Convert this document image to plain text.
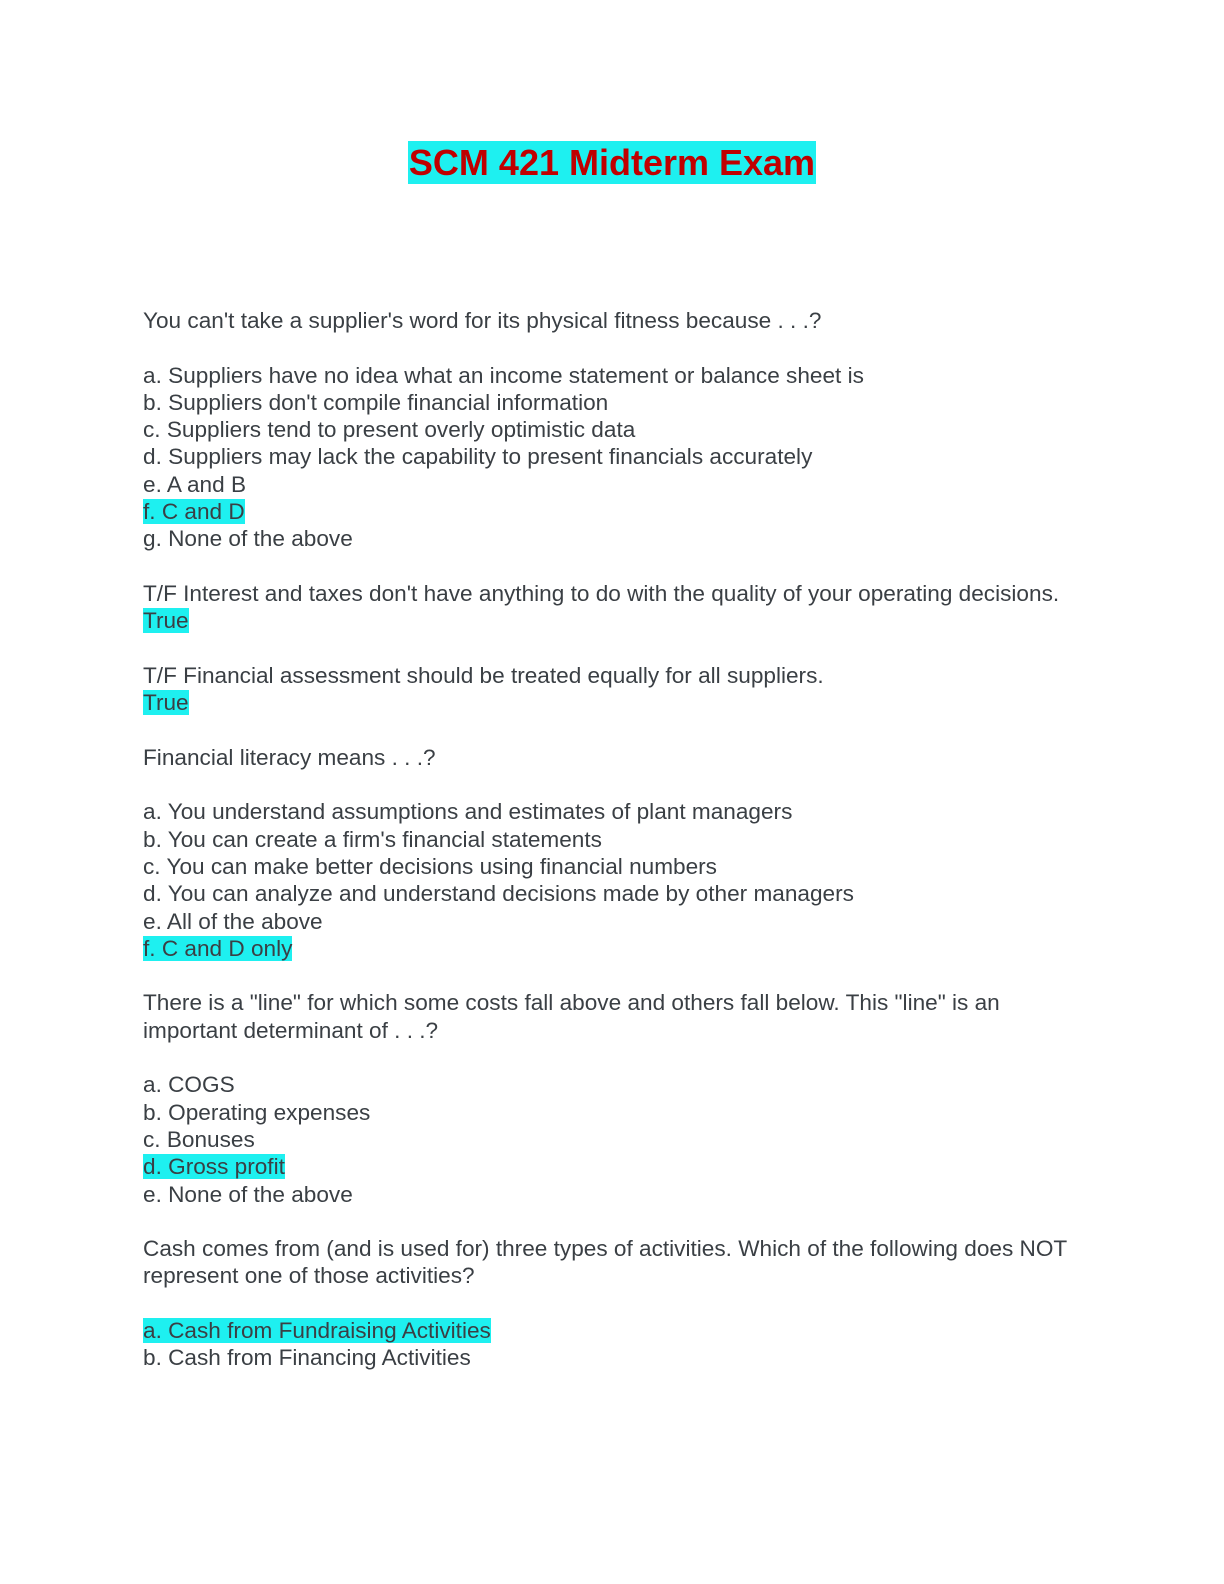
SCM 421 Midterm Exam

You can't take a supplier's word for its physical fitness because . . .?

a. Suppliers have no idea what an income statement or balance sheet is
b. Suppliers don't compile financial information
c. Suppliers tend to present overly optimistic data
d. Suppliers may lack the capability to present financials accurately
e. A and B
f. C and D
g. None of the above

T/F Interest and taxes don't have anything to do with the quality of your operating decisions.

True

T/F Financial assessment should be treated equally for all suppliers.

True

Financial literacy means . . .?

a. You understand assumptions and estimates of plant managers
b. You can create a firm's financial statements
c. You can make better decisions using financial numbers
d. You can analyze and understand decisions made by other managers
e. All of the above
f. C and D only

There is a "line" for which some costs fall above and others fall below. This "line" is an important determinant of . . .?

a. COGS
b. Operating expenses
c. Bonuses
d. Gross profit
e. None of the above

Cash comes from (and is used for) three types of activities. Which of the following does NOT represent one of those activities?

a. Cash from Fundraising Activities
b. Cash from Financing Activities
